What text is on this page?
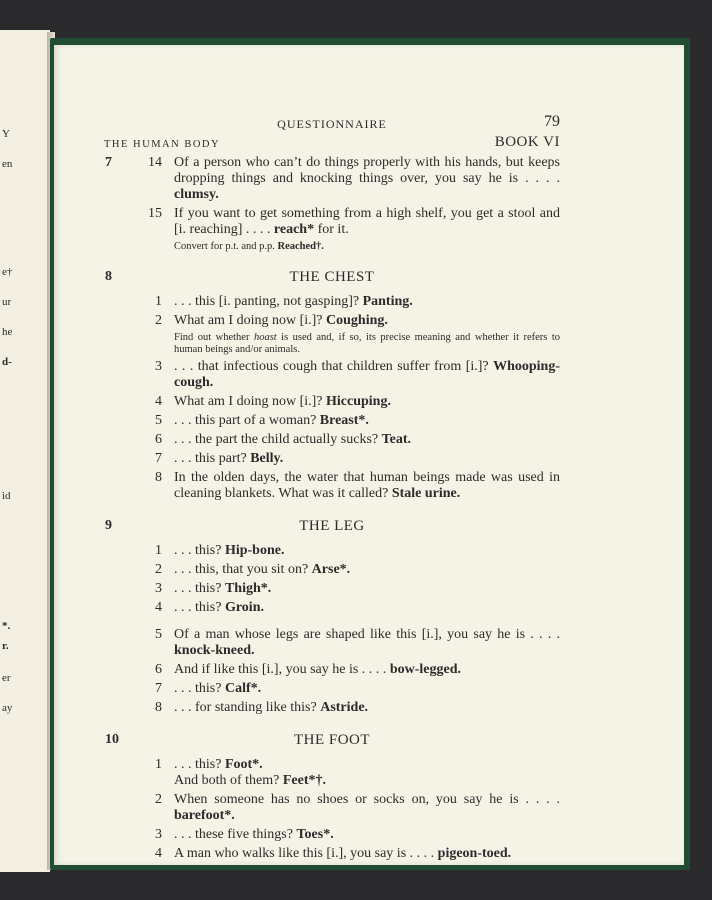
QUESTIONNAIRE	79
THE HUMAN BODY	BOOK VI
7	14 Of a person who can’t do things properly with his hands, but keeps dropping things and knocking things over, you say he is . . . . clumsy.
15 If you want to get something from a high shelf, you get a stool and [i. reaching] . . . . reach* for it.
Convert for p.t. and p.p. Reached†.
8	THE CHEST
1 . . . this [i. panting, not gasping]? Panting.
2 What am I doing now [i.]? Coughing.
Find out whether hoast is used and, if so, its precise meaning and whether it refers to human beings and/or animals.
3 . . . that infectious cough that children suffer from [i.]? Whooping-cough.
4 What am I doing now [i.]? Hiccuping.
5 . . . this part of a woman? Breast*.
6 . . . the part the child actually sucks? Teat.
7 . . . this part? Belly.
8 In the olden days, the water that human beings made was used in cleaning blankets. What was it called? Stale urine.
9	THE LEG
1 . . . this? Hip-bone.
2 . . . this, that you sit on? Arse*.
3 . . . this? Thigh*.
4 . . . this? Groin.
5 Of a man whose legs are shaped like this [i.], you say he is . . . . knock-kneed.
6 And if like this [i.], you say he is . . . . bow-legged.
7 . . . this? Calf*.
8 . . . for standing like this? Astride.
10	THE FOOT
1 . . . this? Foot*.
And both of them? Feet*†.
2 When someone has no shoes or socks on, you say he is . . . . barefoot*.
3 . . . these five things? Toes*.
4 A man who walks like this [i.], you say is . . . . pigeon-toed.
Y
en
e†
ur
he
d-
id
*.
r.
er
ay
